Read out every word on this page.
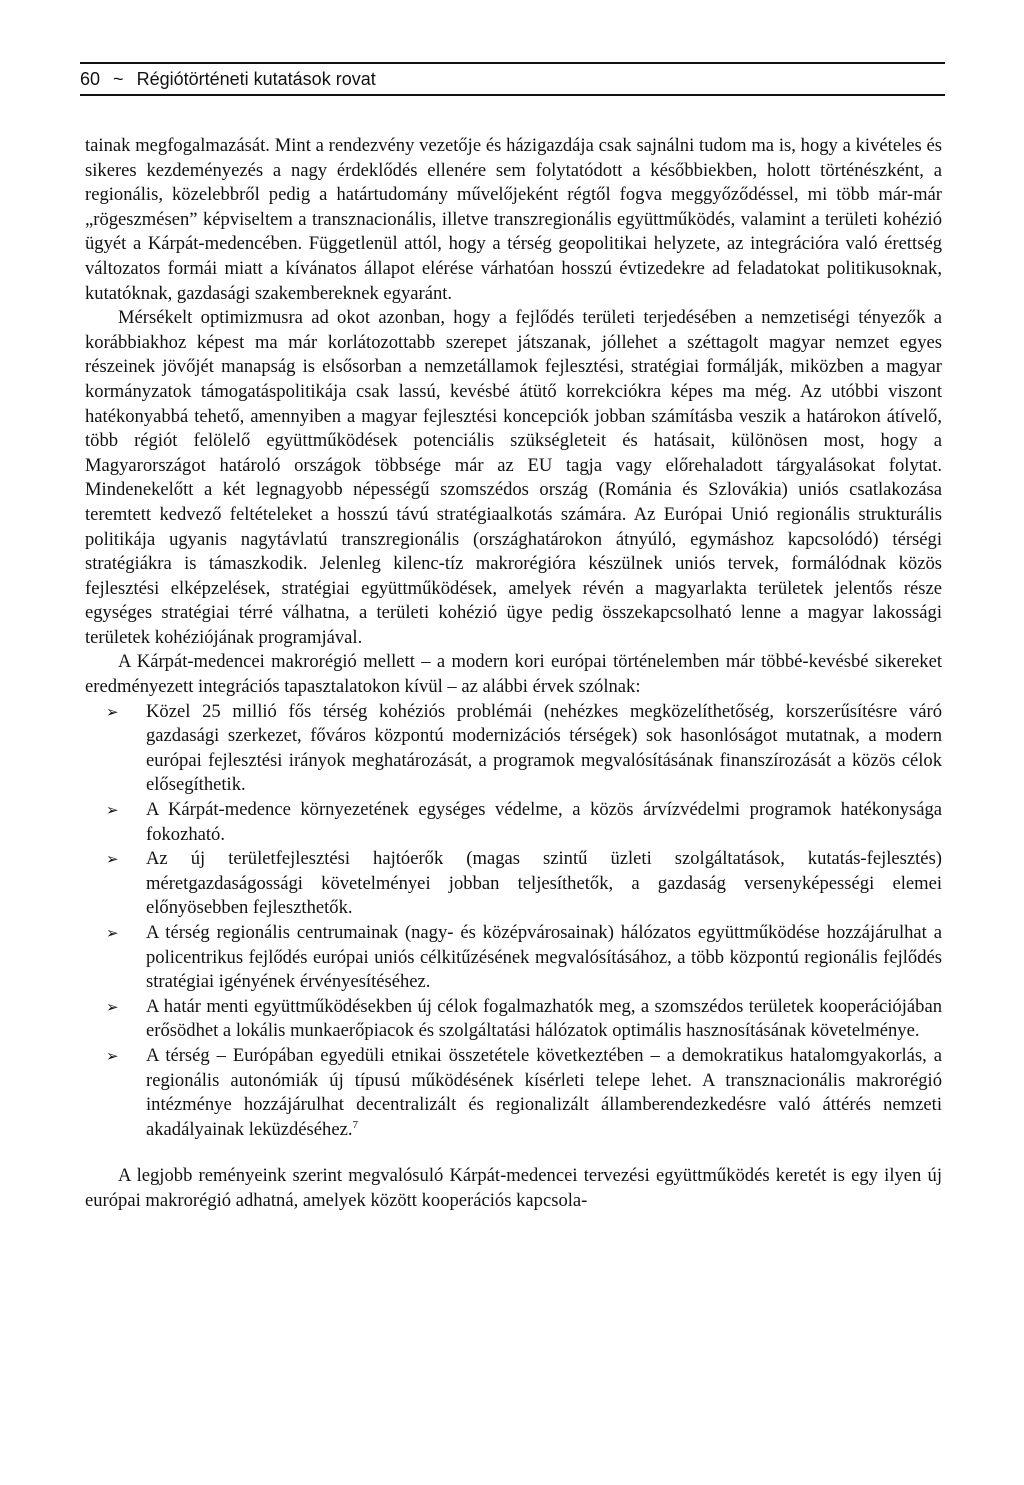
60 ~ Régiótörténeti kutatások rovat

tainak megfogalmazását. Mint a rendezvény vezetője és házigazdája csak sajnálni tudom ma is, hogy a kivételes és sikeres kezdeményezés a nagy érdeklődés ellenére sem folytatódott a későbbiekben, holott történészként, a regionális, közelebbről pedig a határtudomány művelőjeként régtől fogva meggyőződéssel, mi több már-már „rögeszmésen” képviseltem a transznacionális, illetve transzregionális együttműködés, valamint a területi kohézió ügyét a Kárpát-medencében. Függetlenül attól, hogy a térség geopolitikai helyzete, az integrációra való érettség változatos formái miatt a kívánatos állapot elérése várhatóan hosszú évtizedekre ad feladatokat politikusoknak, kutatóknak, gazdasági szakembereknek egyaránt.

Mérsékelt optimizmusra ad okot azonban, hogy a fejlődés területi terjedésében a nemzetiségi tényezők a korábbiakhoz képest ma már korlátozottabb szerepet játszanak, jóllehet a széttagolt magyar nemzet egyes részeinek jövőjét manapság is elsősorban a nemzetállamok fejlesztési, stratégiai formálják, miközben a magyar kormányzatok támogatáspolitikája csak lassú, kevésbé átütő korrekciókra képes ma még. Az utóbbi viszont hatékonyabbá tehető, amennyiben a magyar fejlesztési koncepciók jobban számításba veszik a határokon átívelő, több régiót felölelő együttműködések potenciális szükségleteit és hatásait, különösen most, hogy a Magyarországot határoló országok többsége már az EU tagja vagy előrehaladott tárgyalásokat folytat. Mindenekelőtt a két legnagyobb népességű szomszédos ország (Románia és Szlovákia) uniós csatlakozása teremtett kedvező feltételeket a hosszú távú stratégiaalkotás számára. Az Európai Unió regionális strukturális politikája ugyanis nagytávlatú transzregionális (országhatárokon átnyúló, egymáshoz kapcsolódó) térségi stratégiákra is támaszkodik. Jelenleg kilenc-tíz makrorégióra készülnek uniós tervek, formálódnak közös fejlesztési elképzelések, stratégiai együttműködések, amelyek révén a magyarlakta területek jelentős része egységes stratégiai térré válhatna, a területi kohézió ügye pedig összekapcsolható lenne a magyar lakossági területek kohéziójának programjával.

A Kárpát-medencei makrorégió mellett – a modern kori európai történelemben már többé-kevésbé sikereket eredményezett integrációs tapasztalatokon kívül – az alábbi érvek szólnak:

➢ Közel 25 millió fős térség kohéziós problémái (nehézkes megközelíthetőség, korszerűsítésre váró gazdasági szerkezet, főváros központú modernizációs térségek) sok hasonlóságot mutatnak, a modern európai fejlesztési irányok meghatározását, a programok megvalósításának finanszírozását a közös célok elősegíthetik.
➢ A Kárpát-medence környezetének egységes védelme, a közös árvízvédelmi programok hatékonysága fokozható.
➢ Az új területfejlesztési hajtóerők (magas szintű üzleti szolgáltatások, kutatás-fejlesztés) méretgazdaságossági követelményei jobban teljesíthetők, a gazdaság versenyképességi elemei előnyösebben fejleszthetők.
➢ A térség regionális centrumainak (nagy- és középvárosainak) hálózatos együttműködése hozzájárulhat a policentrikus fejlődés európai uniós célkitűzésének megvalósításához, a több központú regionális fejlődés stratégiai igényének érvényesítéséhez.
➢ A határ menti együttműködésekben új célok fogalmazhatók meg, a szomszédos területek kooperációjában erősödhet a lokális munkaerőpiacok és szolgáltatási hálózatok optimális hasznosításának követelménye.
➢ A térség – Európában egyedüli etnikai összetétele következtében – a demokratikus hatalomgyakorlás, a regionális autonómiák új típusú működésének kísérleti telepe lehet. A transznacionális makrorégió intézménye hozzájárulhat decentralizált és regionalizált államberendezkedésre való áttérés nemzeti akadályainak leküzdéséhez.$^7$

A legjobb reményeink szerint megvalósuló Kárpát-medencei tervezési együttműködés keretét is egy ilyen új európai makrorégió adhatná, amelyek között kooperációs kapcsola-
